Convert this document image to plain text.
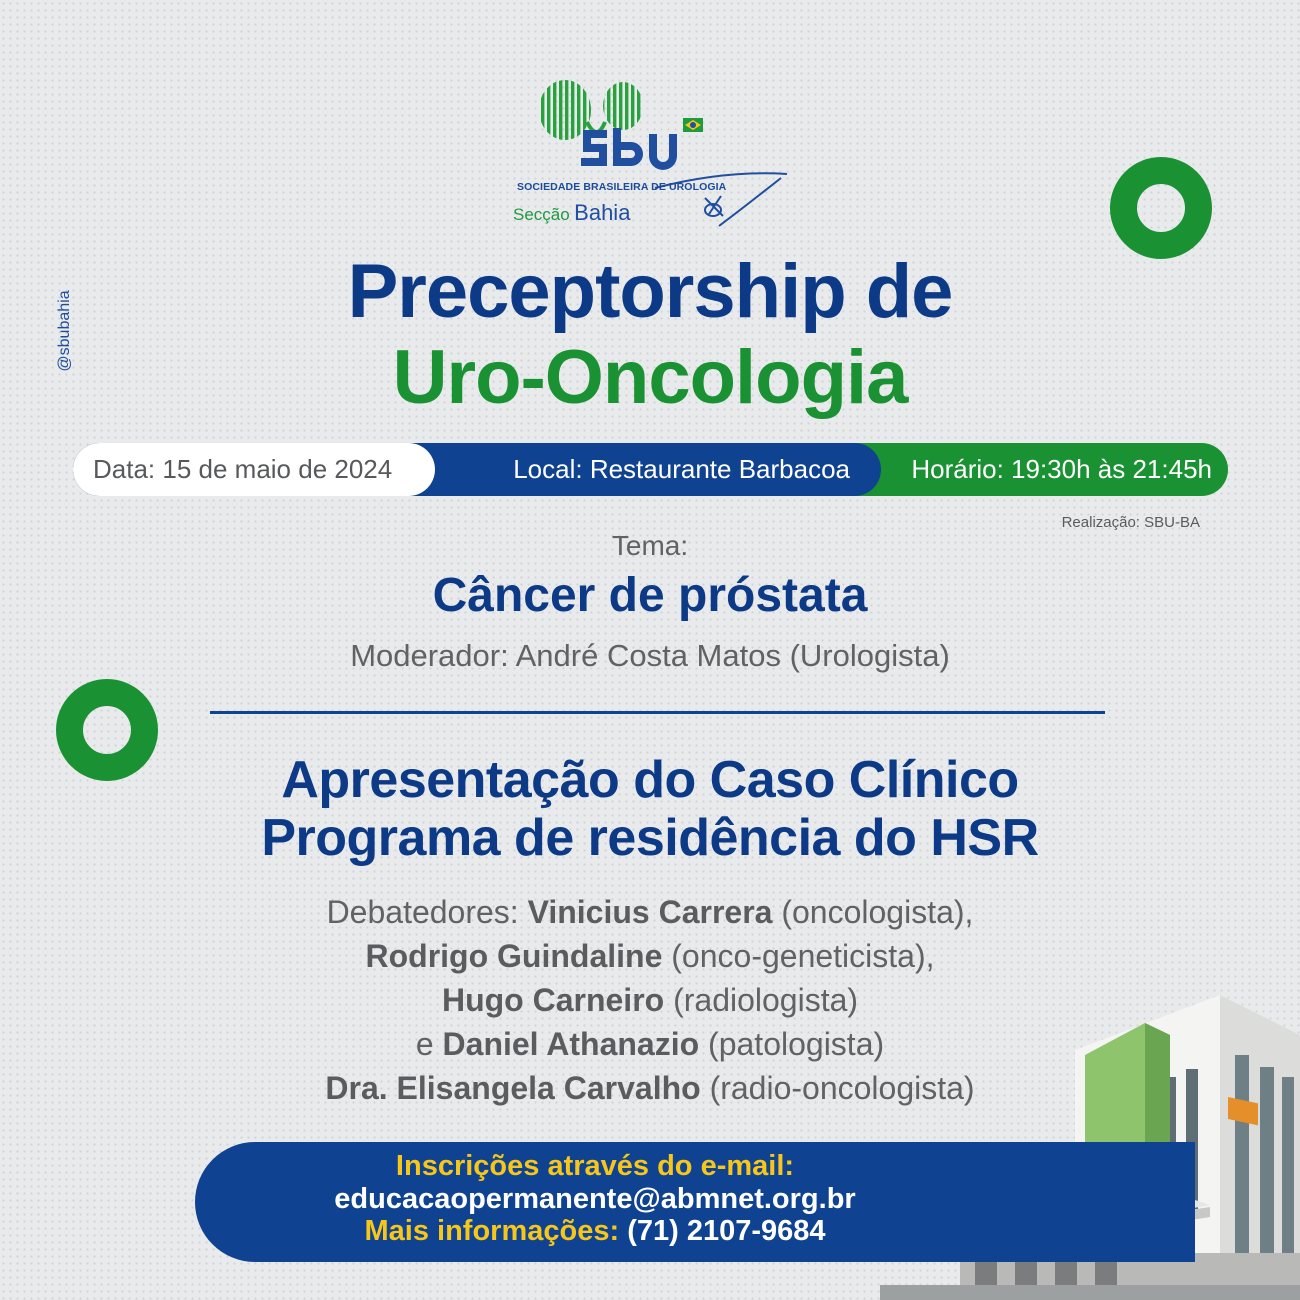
SOCIEDADE BRASILEIRA DE UROLOGIA
Secção Bahia
@sbubahia	Preceptorship de
Uro-Oncologia
Horário: 19:30h às 21:45h
Local: Restaurante Barbacoa
Data: 15 de maio de 2024
Realização: SBU-BA
Tema:
Câncer de próstata
Moderador: André Costa Matos (Urologista)
Apresentação do Caso Clínico
Programa de residência do HSR
Debatedores: Vinicius Carrera (oncologista),
Rodrigo Guindaline (onco-geneticista),
Hugo Carneiro (radiologista)
e Daniel Athanazio (patologista)
Dra. Elisangela Carvalho (radio-oncologista)
Inscrições através do e-mail:
educacaopermanente@abmnet.org.br
Mais informações: (71) 2107-9684
